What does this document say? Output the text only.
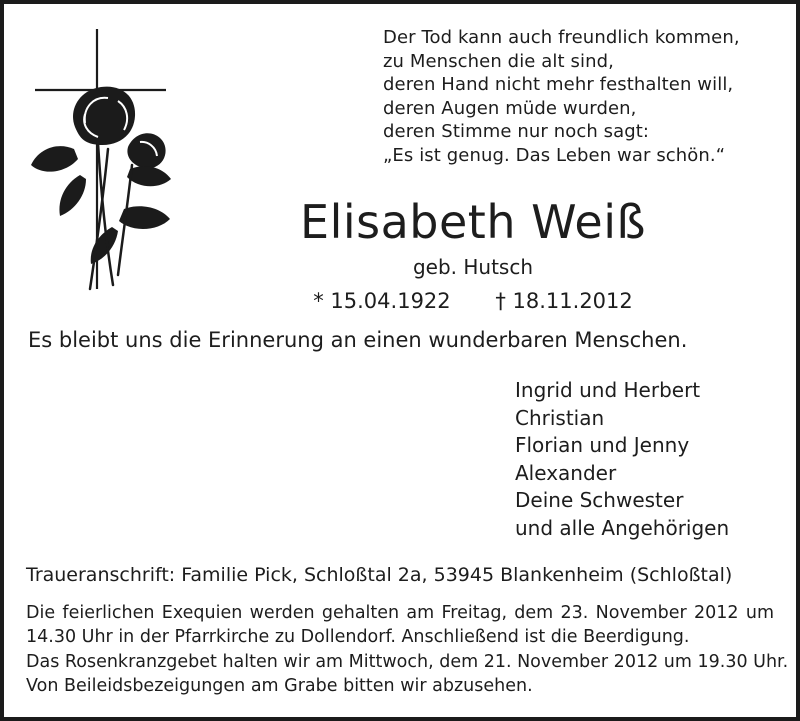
Der Tod kann auch freundlich kommen,
zu Menschen die alt sind,
deren Hand nicht mehr festhalten will,
deren Augen müde wurden,
deren Stimme nur noch sagt:
„Es ist genug. Das Leben war schön.“
Elisabeth Weiß
geb. Hutsch
* 15.04.1922 † 18.11.2012
Es bleibt uns die Erinnerung an einen wunderbaren Menschen.
Ingrid und Herbert
Christian
Florian und Jenny
Alexander
Deine Schwester
und alle Angehörigen
Traueranschrift: Familie Pick, Schloßtal 2a, 53945 Blankenheim (Schloßtal)
Die feierlichen Exequien werden gehalten am Freitag, dem 23. November 2012 um
14.30 Uhr in der Pfarrkirche zu Dollendorf. Anschließend ist die Beerdigung.
Das Rosenkranzgebet halten wir am Mittwoch, dem 21. November 2012 um 19.30 Uhr.
Von Beileidsbezeigungen am Grabe bitten wir abzusehen.
